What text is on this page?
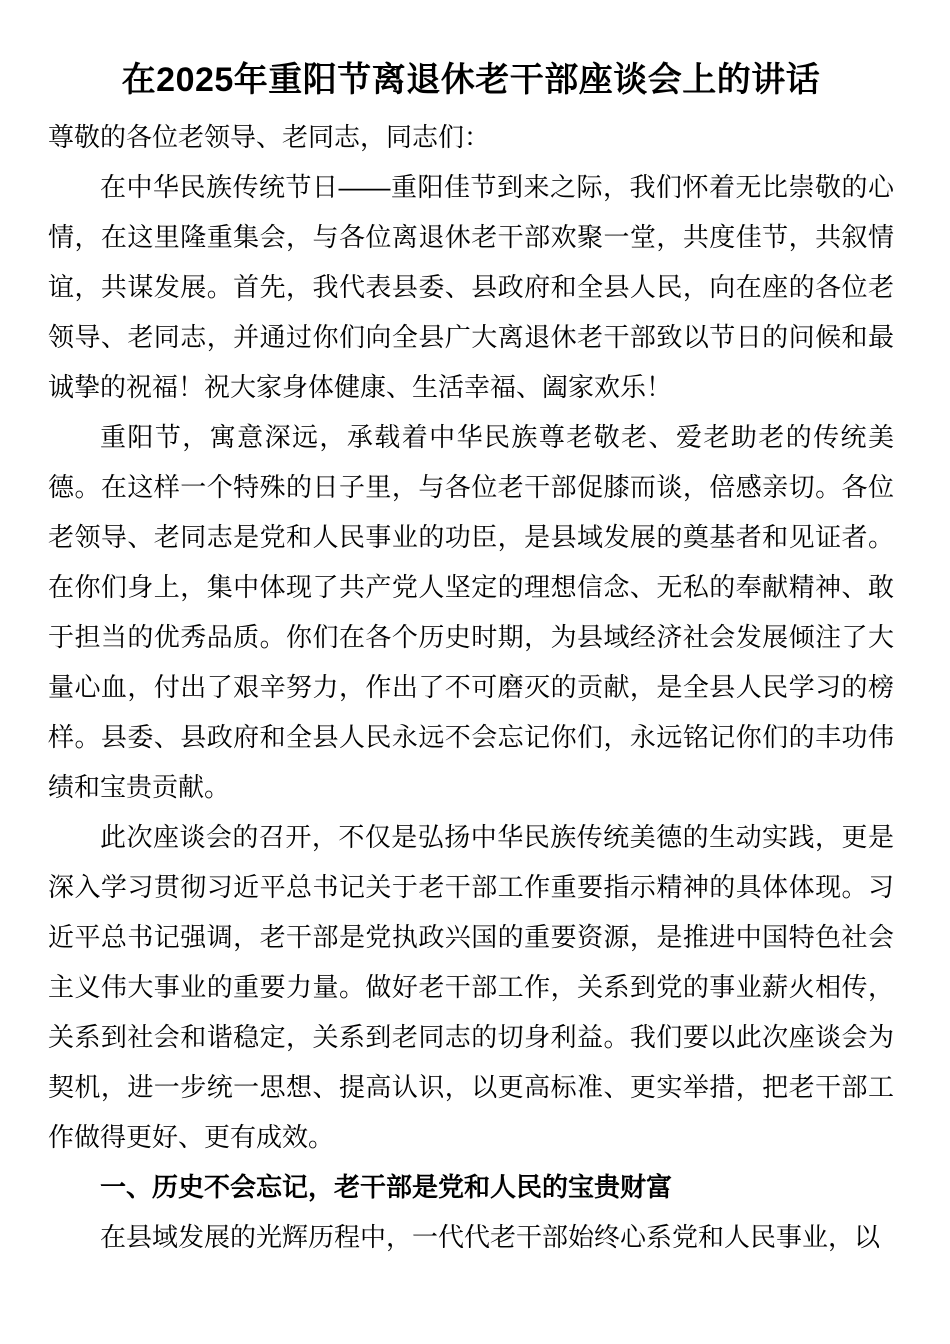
在2025年重阳节离退休老干部座谈会上的讲话

尊敬的各位老领导、老同志，同志们：

在中华民族传统节日——重阳佳节到来之际，我们怀着无比崇敬的心情，在这里隆重集会，与各位离退休老干部欢聚一堂，共度佳节，共叙情谊，共谋发展。首先，我代表县委、县政府和全县人民，向在座的各位老领导、老同志，并通过你们向全县广大离退休老干部致以节日的问候和最诚挚的祝福！祝大家身体健康、生活幸福、阖家欢乐！

重阳节，寓意深远，承载着中华民族尊老敬老、爱老助老的传统美德。在这样一个特殊的日子里，与各位老干部促膝而谈，倍感亲切。各位老领导、老同志是党和人民事业的功臣，是县域发展的奠基者和见证者。在你们身上，集中体现了共产党人坚定的理想信念、无私的奉献精神、敢于担当的优秀品质。你们在各个历史时期，为县域经济社会发展倾注了大量心血，付出了艰辛努力，作出了不可磨灭的贡献，是全县人民学习的榜样。县委、县政府和全县人民永远不会忘记你们，永远铭记你们的丰功伟绩和宝贵贡献。

此次座谈会的召开，不仅是弘扬中华民族传统美德的生动实践，更是深入学习贯彻习近平总书记关于老干部工作重要指示精神的具体体现。习近平总书记强调，老干部是党执政兴国的重要资源，是推进中国特色社会主义伟大事业的重要力量。做好老干部工作，关系到党的事业薪火相传，关系到社会和谐稳定，关系到老同志的切身利益。我们要以此次座谈会为契机，进一步统一思想、提高认识，以更高标准、更实举措，把老干部工作做得更好、更有成效。

一、历史不会忘记，老干部是党和人民的宝贵财富

在县域发展的光辉历程中，一代代老干部始终心系党和人民事业，以
